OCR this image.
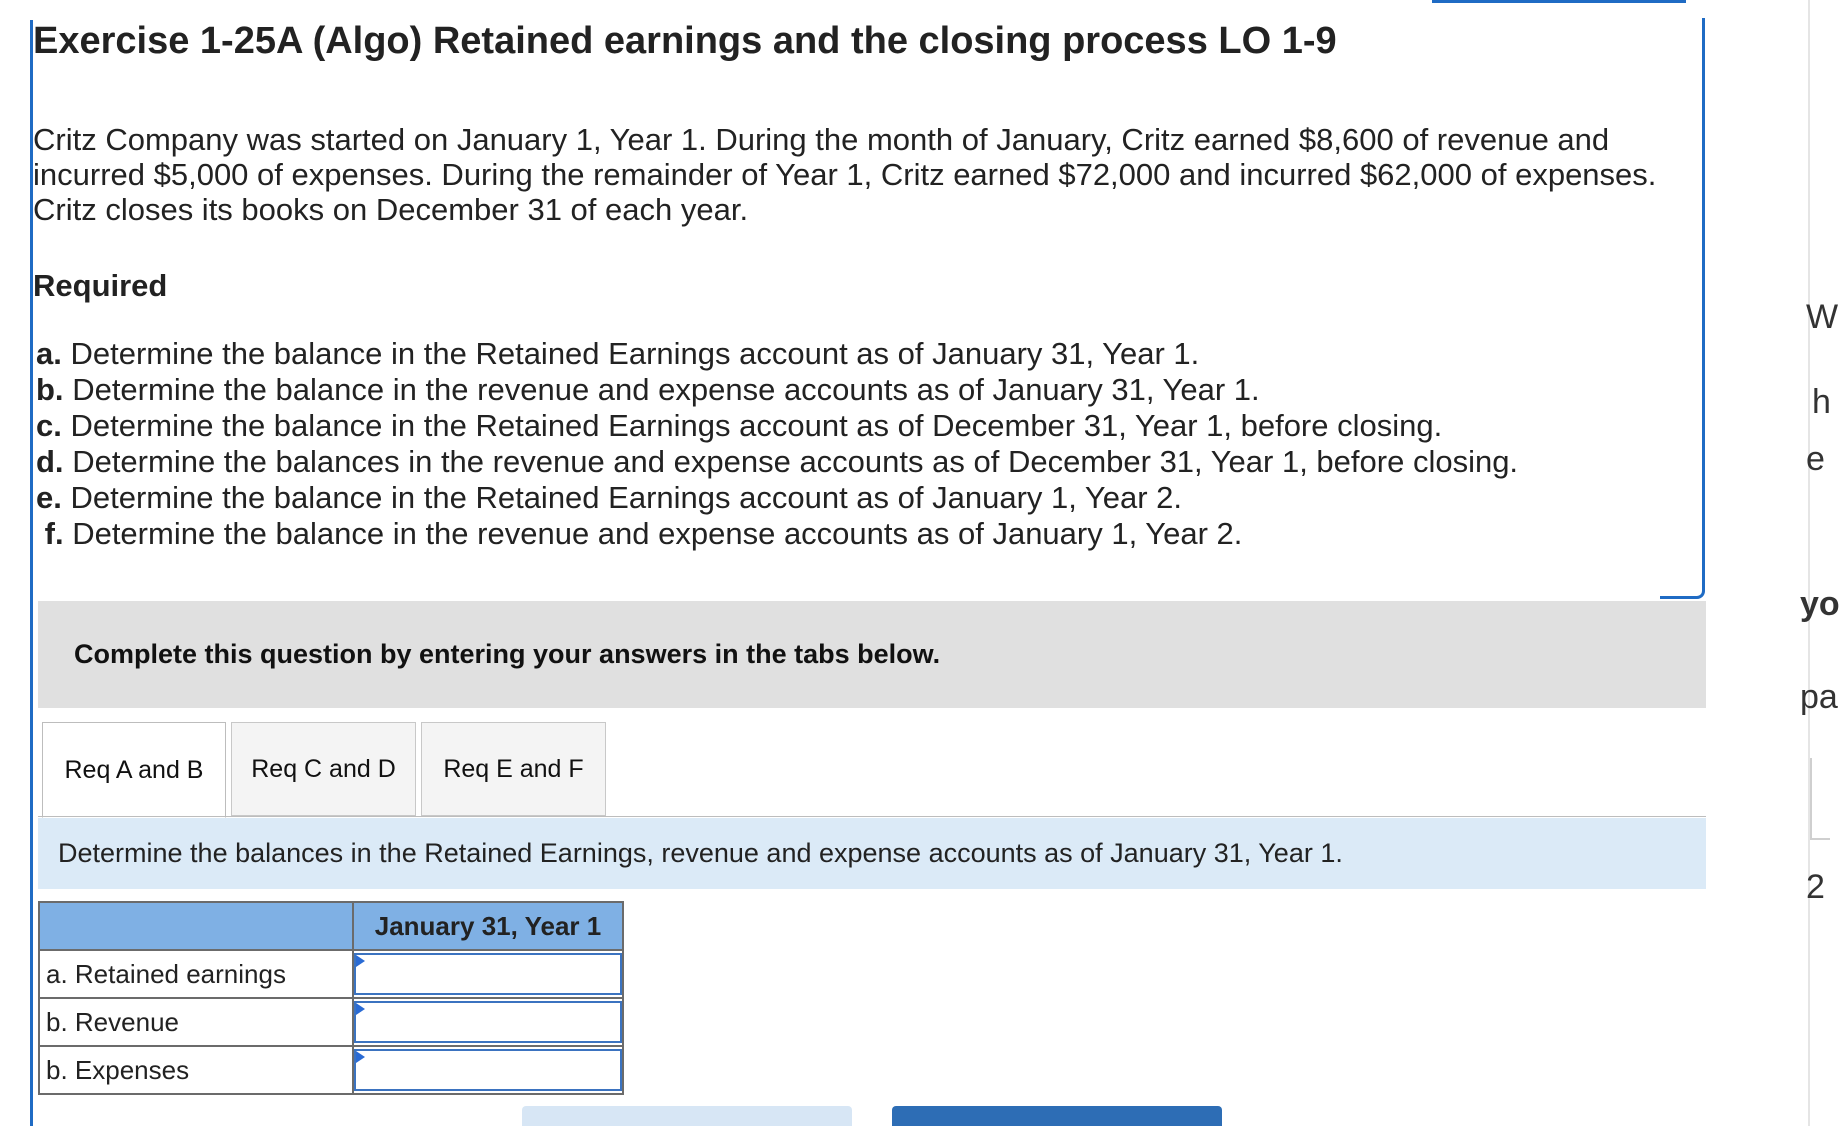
Exercise 1-25A (Algo) Retained earnings and the closing process LO 1-9

Critz Company was started on January 1, Year 1. During the month of January, Critz earned $8,600 of revenue and

incurred $5,000 of expenses. During the remainder of Year 1, Critz earned $72,000 and incurred $62,000 of expenses.

Critz closes its books on December 31 of each year.

Required
a. Determine the balance in the Retained Earnings account as of January 31, Year 1.
b. Determine the balance in the revenue and expense accounts as of January 31, Year 1.
c. Determine the balance in the Retained Earnings account as of December 31, Year 1, before closing.
d. Determine the balances in the revenue and expense accounts as of December 31, Year 1, before closing.
e. Determine the balance in the Retained Earnings account as of January 1, Year 2.
f. Determine the balance in the revenue and expense accounts as of January 1, Year 2.
Complete this question by entering your answers in the tabs below.
Req A and B	Req C and D	Req E and F
Determine the balances in the Retained Earnings, revenue and expense accounts as of January 31, Year 1.
	January 31, Year 1
a. Retained earnings	

b. Revenue	

b. Expenses	
W
h
e
yo
pa
2
